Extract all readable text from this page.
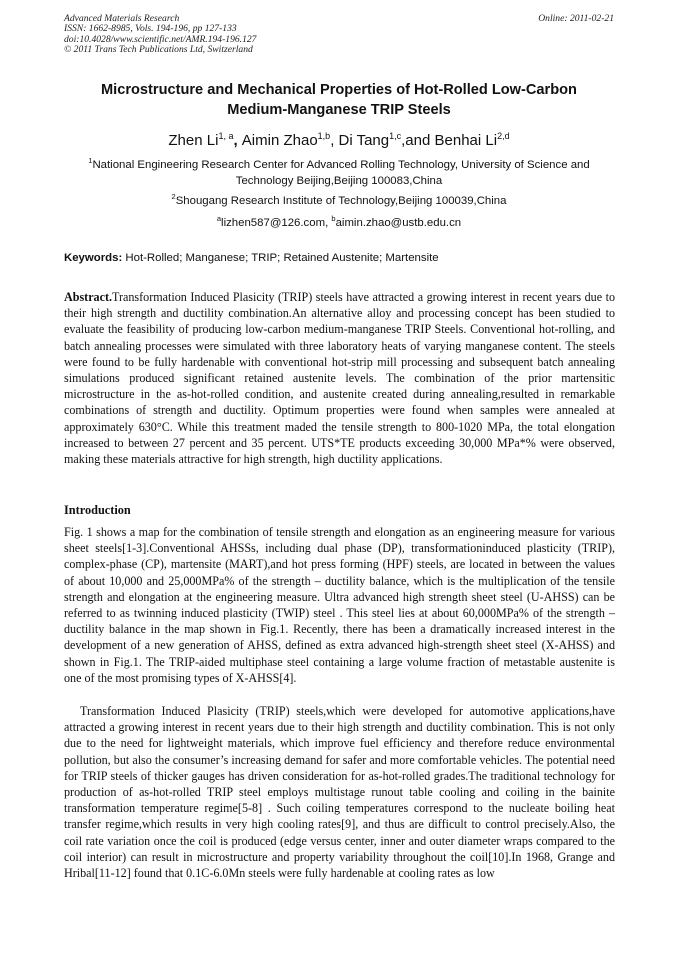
Advanced Materials Research
ISSN: 1662-8985, Vols. 194-196, pp 127-133
doi:10.4028/www.scientific.net/AMR.194-196.127
© 2011 Trans Tech Publications Ltd, Switzerland
Online: 2011-02-21
Microstructure and Mechanical Properties of Hot-Rolled Low-Carbon
Medium-Manganese TRIP Steels
Zhen Li$^{1, a}$, Aimin Zhao$^{1,b}$, Di Tang$^{1,c}$,and Benhai Li$^{2,d}$
$^1$National Engineering Research Center for Advanced Rolling Technology, University of Science and Technology Beijing,Beijing 100083,China
$^2$Shougang Research Institute of Technology,Beijing 100039,China
$^a$lizhen587@126.com, $^b$aimin.zhao@ustb.edu.cn
Keywords: Hot-Rolled; Manganese; TRIP; Retained Austenite; Martensite
Abstract.Transformation Induced Plasicity (TRIP) steels have attracted a growing interest in recent years due to their high strength and ductility combination.An alternative alloy and processing concept has been studied to evaluate the feasibility of producing low-carbon medium-manganese TRIP Steels. Conventional hot-rolling, and batch annealing processes were simulated with three laboratory heats of varying manganese content. The steels were found to be fully hardenable with conventional hot-strip mill processing and subsequent batch annealing simulations produced significant retained austenite levels. The combination of the prior martensitic microstructure in the as-hot-rolled condition, and austenite created during annealing,resulted in remarkable combinations of strength and ductility. Optimum properties were found when samples were annealed at approximately 630°C. While this treatment maded the tensile strength to 800-1020 MPa, the total elongation increased to between 27 percent and 35 percent. UTS*TE products exceeding 30,000 MPa*% were observed, making these materials attractive for high strength, high ductility applications.
Introduction
Fig. 1 shows a map for the combination of tensile strength and elongation as an engineering measure for various sheet steels[1-3].Conventional AHSSs, including dual phase (DP), transformationinduced plasticity (TRIP), complex-phase (CP), martensite (MART),and hot press forming (HPF) steels, are located in between the values of about 10,000 and 25,000MPa% of the strength – ductility balance, which is the multiplication of the tensile strength and elongation at the engineering measure. Ultra advanced high strength sheet steel (U-AHSS) can be referred to as twinning induced plasticity (TWIP) steel . This steel lies at about 60,000MPa% of the strength – ductility balance in the map shown in Fig.1. Recently, there has been a dramatically increased interest in the development of a new generation of AHSS, defined as extra advanced high-strength sheet steel (X-AHSS) and shown in Fig.1. The TRIP-aided multiphase steel containing a large volume fraction of metastable austenite is one of the most promising types of X-AHSS[4].
Transformation Induced Plasicity (TRIP) steels,which were developed for automotive applications,have attracted a growing interest in recent years due to their high strength and ductility combination. This is not only due to the need for lightweight materials, which improve fuel efficiency and therefore reduce environmental pollution, but also the consumer’s increasing demand for safer and more comfortable vehicles. The potential need for TRIP steels of thicker gauges has driven consideration for as-hot-rolled grades.The traditional technology for production of as-hot-rolled TRIP steel employs multistage runout table cooling and coiling in the bainite transformation temperature regime[5-8] . Such coiling temperatures correspond to the nucleate boiling heat transfer regime,which results in very high cooling rates[9], and thus are difficult to control precisely.Also, the coil rate variation once the coil is produced (edge versus center, inner and outer diameter wraps compared to the coil interior) can result in microstructure and property variability throughout the coil[10].In 1968, Grange and Hribal[11-12] found that 0.1C-6.0Mn steels were fully hardenable at cooling rates as low
